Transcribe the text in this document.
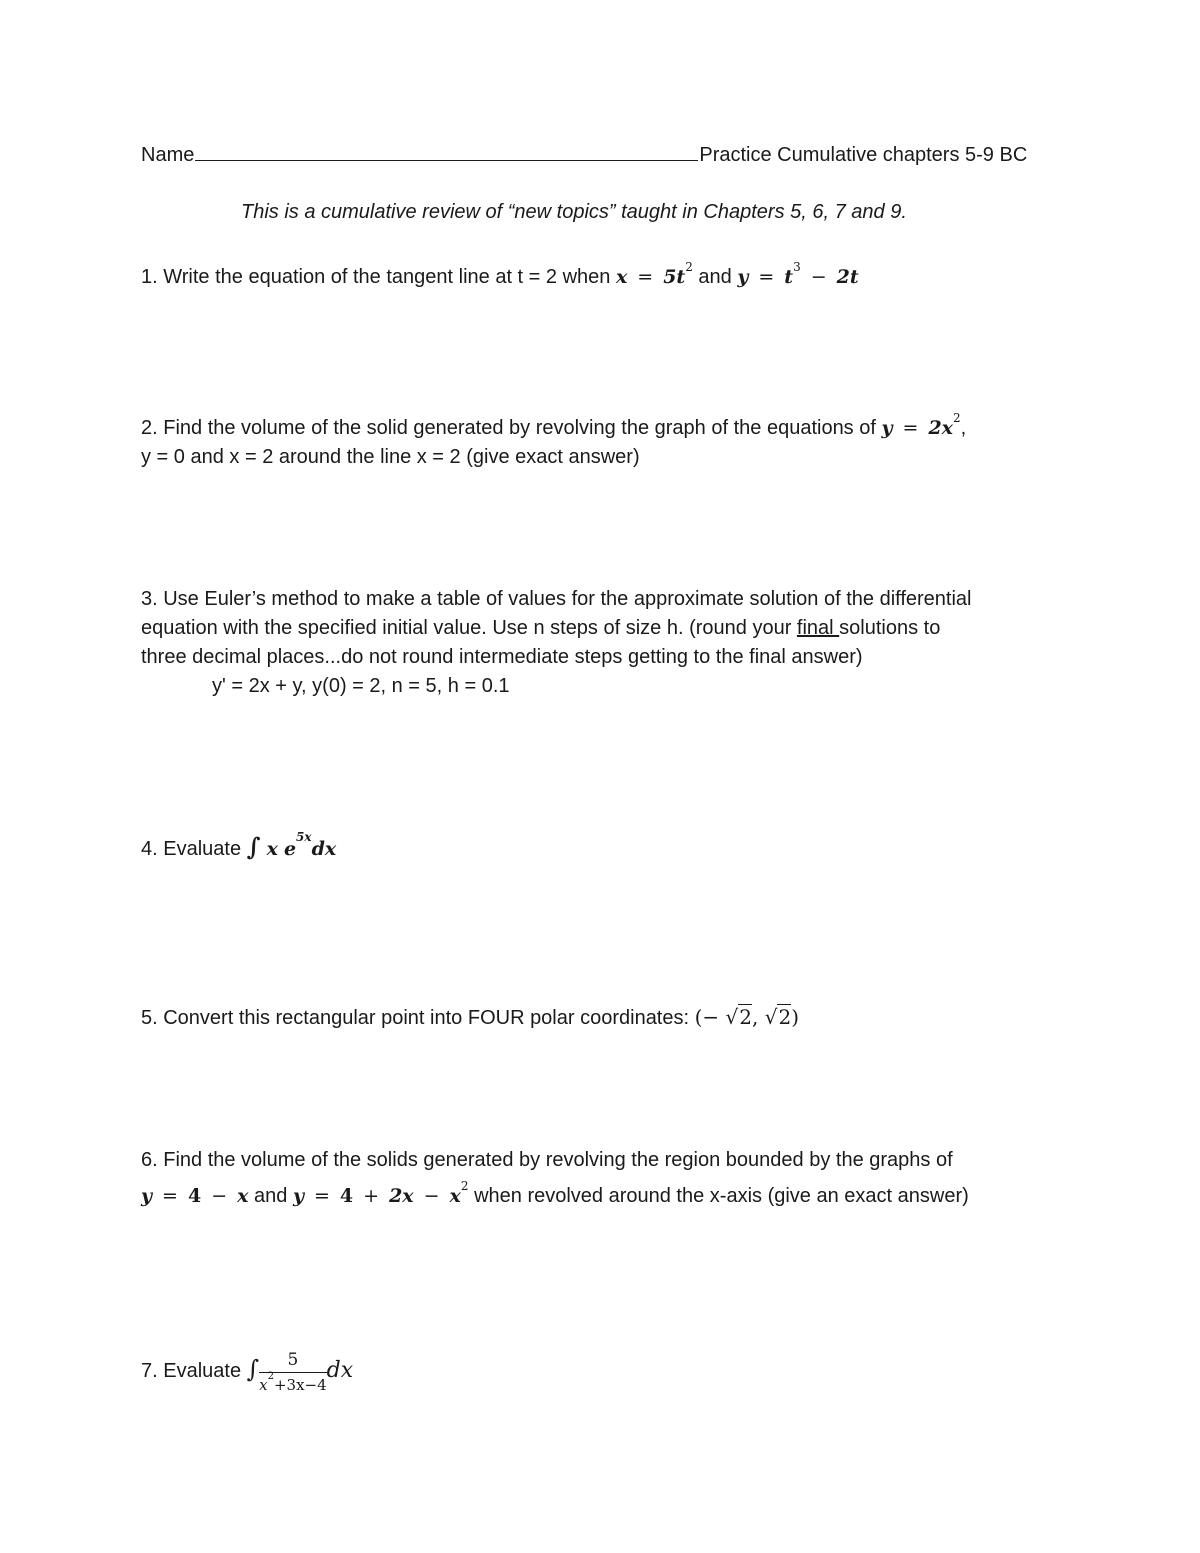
Name	Practice Cumulative chapters 5-9 BC
This is a cumulative review of “new topics” taught in Chapters 5, 6, 7 and 9.
1. Write the equation of the tangent line at t = 2 when $x = 5t^2$ and $y = t^3 - 2t$
2. Find the volume of the solid generated by revolving the graph of the equations of $y = 2x^2$,
y = 0 and x = 2 around the line x = 2 (give exact answer)
3. Use Euler’s method to make a table of values for the approximate solution of the differential
equation with the specified initial value. Use n steps of size h. (round your final solutions to
three decimal places...do not round intermediate steps getting to the final answer)
y' = 2x + y, y(0) = 2, n = 5, h = 0.1
4. Evaluate ∫ x $e^{5x}dx$
5. Convert this rectangular point into FOUR polar coordinates: (− √2, √2)
6. Find the volume of the solids generated by revolving the region bounded by the graphs of
y = 4 − x and $y = 4 + 2x - x^2$ when revolved around the x-axis (give an exact answer)
7. Evaluate ∫ $\frac{5}{x^2+3x-4}$ dx
